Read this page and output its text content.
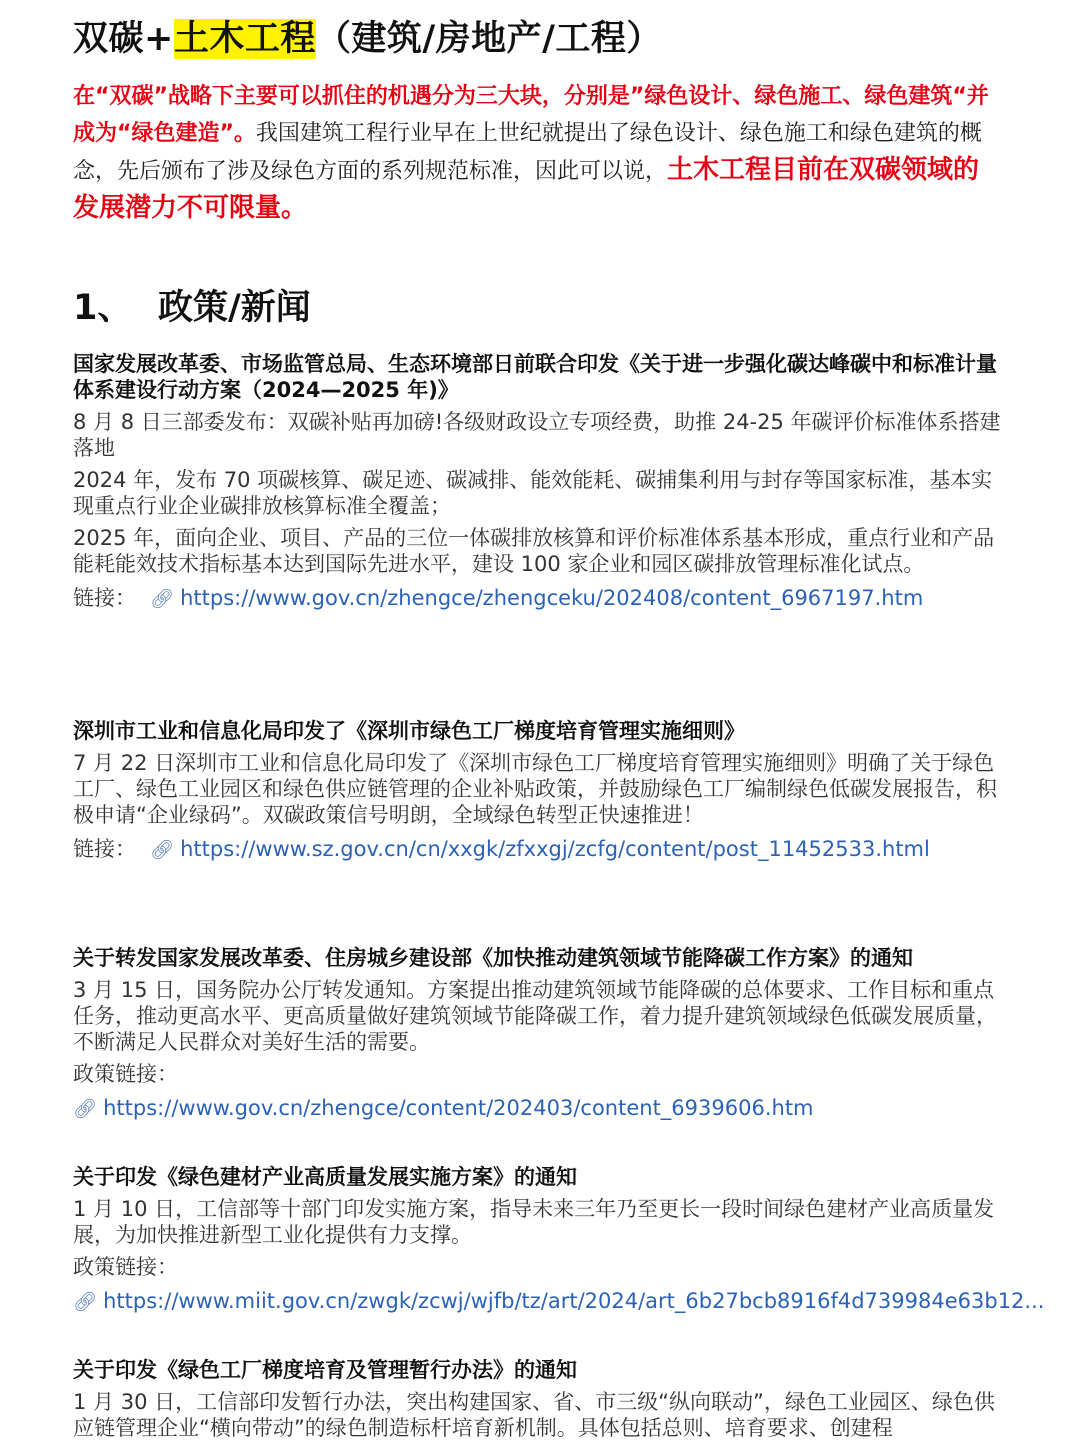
双碳+土木工程（建筑/房地产/工程）

在“双碳”战略下主要可以抓住的机遇分为三大块，分别是”绿色设计、绿色施工、绿色建筑“并成为“绿色建造”。我国建筑工程行业早在上世纪就提出了绿色设计、绿色施工和绿色建筑的概念，先后颁布了涉及绿色方面的系列规范标准，因此可以说，土木工程目前在双碳领域的发展潜力不可限量。

1、 政策/新闻

国家发展改革委、市场监管总局、生态环境部日前联合印发《关于进一步强化碳达峰碳中和标准计量体系建设行动方案（2024—2025 年)》

8 月 8 日三部委发布：双碳补贴再加磅!各级财政设立专项经费，助推 24-25 年碳评价标准体系搭建落地

2024 年，发布 70 项碳核算、碳足迹、碳减排、能效能耗、碳捕集利用与封存等国家标准，基本实现重点行业企业碳排放核算标准全覆盖；

2025 年，面向企业、项目、产品的三位一体碳排放核算和评价标准体系基本形成，重点行业和产品能耗能效技术指标基本达到国际先进水平，建设 100 家企业和园区碳排放管理标准化试点。

链接： 🔗︎ https://www.gov.cn/zhengce/zhengceku/202408/content_6967197.htm

深圳市工业和信息化局印发了《深圳市绿色工厂梯度培育管理实施细则》

7 月 22 日深圳市工业和信息化局印发了《深圳市绿色工厂梯度培育管理实施细则》明确了关于绿色工厂、绿色工业园区和绿色供应链管理的企业补贴政策，并鼓励绿色工厂编制绿色低碳发展报告，积极申请“企业绿码”。双碳政策信号明朗，全域绿色转型正快速推进！

链接： 🔗︎ https://www.sz.gov.cn/cn/xxgk/zfxxgj/zcfg/content/post_11452533.html

关于转发国家发展改革委、住房城乡建设部《加快推动建筑领域节能降碳工作方案》的通知

3 月 15 日，国务院办公厅转发通知。方案提出推动建筑领域节能降碳的总体要求、工作目标和重点任务，推动更高水平、更高质量做好建筑领域节能降碳工作，着力提升建筑领域绿色低碳发展质量，不断满足人民群众对美好生活的需要。

政策链接：
🔗︎ https://www.gov.cn/zhengce/content/202403/content_6939606.htm

关于印发《绿色建材产业高质量发展实施方案》的通知

1 月 10 日，工信部等十部门印发实施方案，指导未来三年乃至更长一段时间绿色建材产业高质量发展，为加快推进新型工业化提供有力支撑。

政策链接：
🔗︎ https://www.miit.gov.cn/zwgk/zcwj/wjfb/tz/art/2024/art_6b27bcb8916f4d739984e63b12...

关于印发《绿色工厂梯度培育及管理暂行办法》的通知

1 月 30 日，工信部印发暂行办法，突出构建国家、省、市三级“纵向联动”，绿色工业园区、绿色供应链管理企业“横向带动”的绿色制造标杆培育新机制。具体包括总则、培育要求、创建程
